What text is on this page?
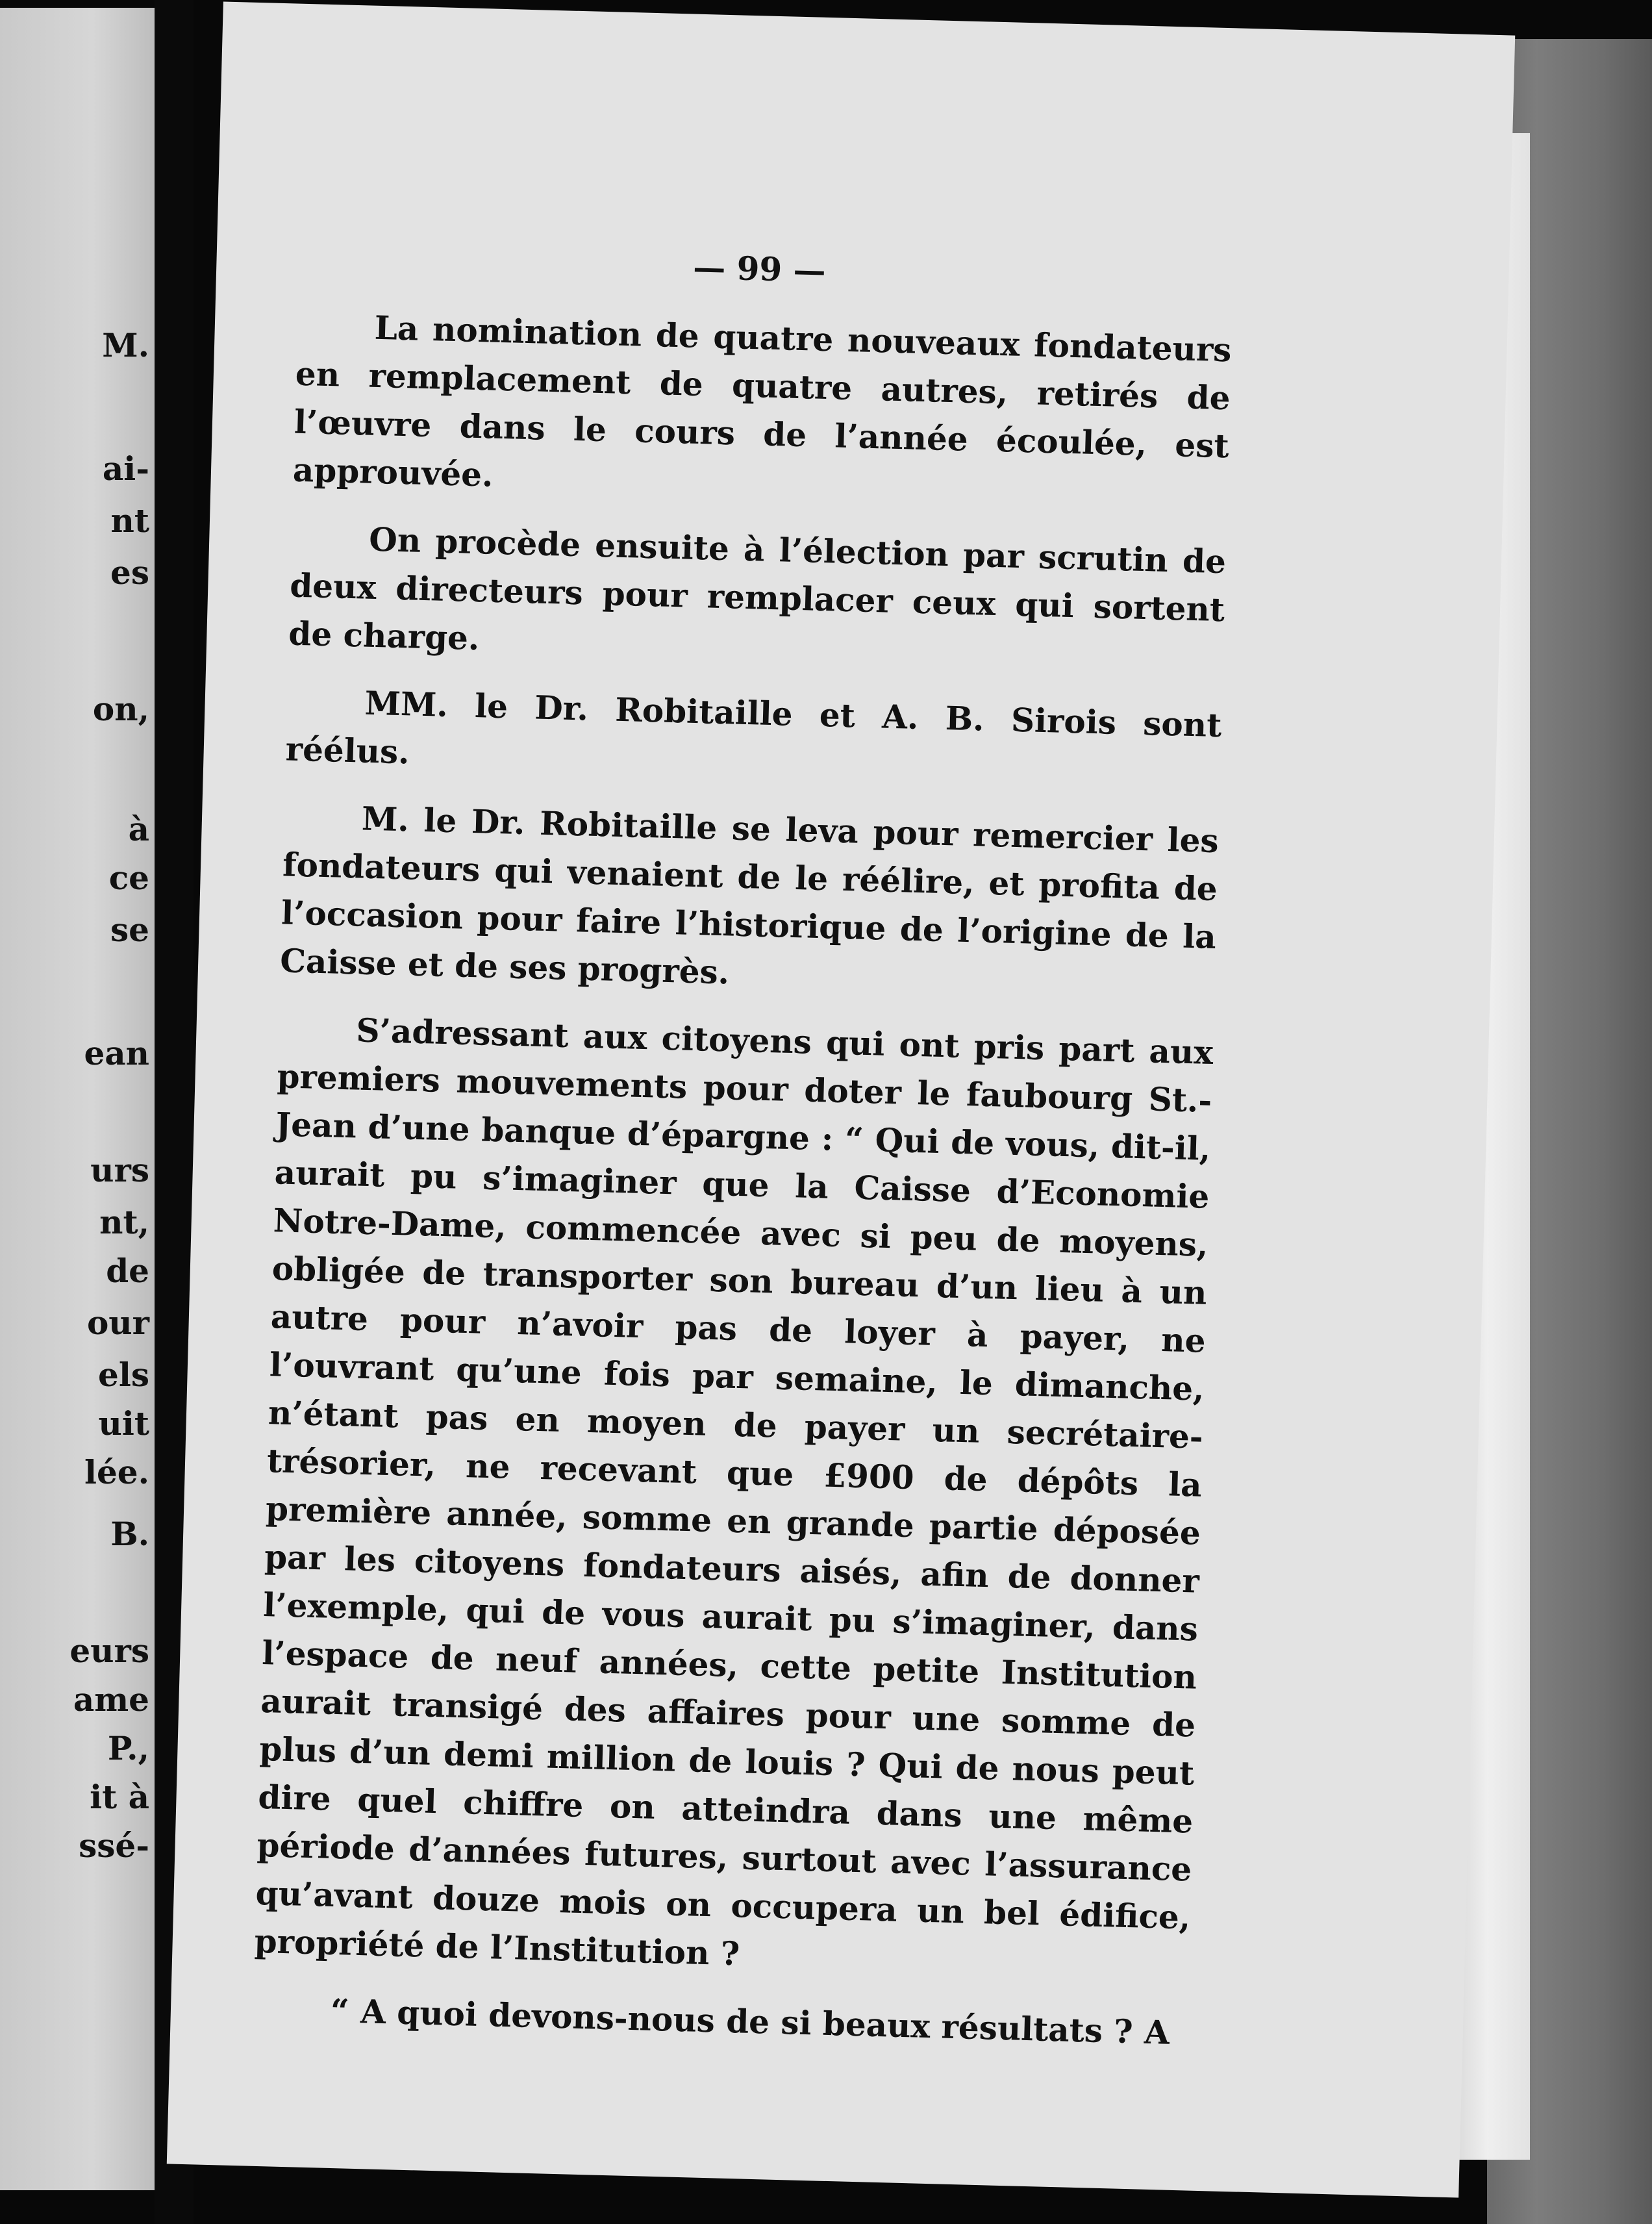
M.
ai-
nt
es
on,
à
ce
se
ean
urs
nt,
de
our
els
uit
lée.
B.
eurs
ame
P.,
it à
ssé-
— 99 —

La nomination de quatre nouveaux fondateurs en remplacement de quatre autres, retirés de l’œuvre dans le cours de l’année écoulée, est approuvée.

On procède ensuite à l’élection par scrutin de deux directeurs pour remplacer ceux qui sortent de charge.

MM. le Dr. Robitaille et A. B. Sirois sont réélus.

M. le Dr. Robitaille se leva pour remercier les fondateurs qui venaient de le réélire, et profita de l’occasion pour faire l’historique de l’origine de la Caisse et de ses progrès.

S’adressant aux citoyens qui ont pris part aux premiers mouvements pour doter le faubourg St.-Jean d’une banque d’épargne : “ Qui de vous, dit-il, aurait pu s’imaginer que la Caisse d’Economie Notre-Dame, commencée avec si peu de moyens, obligée de transporter son bureau d’un lieu à un autre pour n’avoir pas de loyer à payer, ne l’ouvrant qu’une fois par semaine, le dimanche, n’étant pas en moyen de payer un secrétaire-trésorier, ne recevant que £900 de dépôts la première année, somme en grande partie déposée par les citoyens fondateurs aisés, afin de donner l’exemple, qui de vous aurait pu s’imaginer, dans l’espace de neuf années, cette petite Institution aurait transigé des affaires pour une somme de plus d’un demi million de louis ? Qui de nous peut dire quel chiffre on atteindra dans une même période d’années futures, surtout avec l’assurance qu’avant douze mois on occupera un bel édifice, propriété de l’Institution ?

“ A quoi devons-nous de si beaux résultats ? A
